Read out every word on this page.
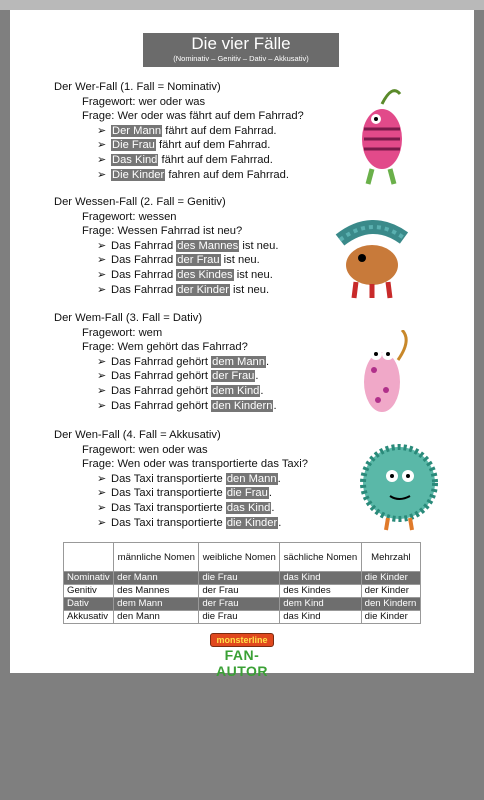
Die vier Fälle
(Nominativ – Genitiv – Dativ – Akkusativ)
Der Wer-Fall (1. Fall = Nominativ)
Fragewort: wer oder was
Frage: Wer oder was fährt auf dem Fahrrad?
➢ Der Mann fährt auf dem Fahrrad.
➢ Die Frau fährt auf dem Fahrrad.
➢ Das Kind fährt auf dem Fahrrad.
➢ Die Kinder fahren auf dem Fahrrad.
Der Wessen-Fall (2. Fall = Genitiv)
Fragewort: wessen
Frage: Wessen Fahrrad ist neu?
➢ Das Fahrrad des Mannes ist neu.
➢ Das Fahrrad der Frau ist neu.
➢ Das Fahrrad des Kindes ist neu.
➢ Das Fahrrad der Kinder ist neu.
Der Wem-Fall (3. Fall = Dativ)
Fragewort: wem
Frage: Wem gehört das Fahrrad?
➢ Das Fahrrad gehört dem Mann.
➢ Das Fahrrad gehört der Frau.
➢ Das Fahrrad gehört dem Kind.
➢ Das Fahrrad gehört den Kindern.
Der Wen-Fall (4. Fall = Akkusativ)
Fragewort: wen oder was
Frage: Wen oder was transportierte das Taxi?
➢ Das Taxi transportierte den Mann.
➢ Das Taxi transportierte die Frau.
➢ Das Taxi transportierte das Kind.
➢ Das Taxi transportierte die Kinder.
	männliche Nomen	weibliche Nomen	sächliche Nomen	Mehrzahl
Nominativ	der Mann	die Frau	das Kind	die Kinder
Genitiv	des Mannes	der Frau	des Kindes	der Kinder
Dativ	dem Mann	der Frau	dem Kind	den Kindern
Akkusativ	den Mann	die Frau	das Kind	die Kinder
monsterline
FAN-AUTOR
